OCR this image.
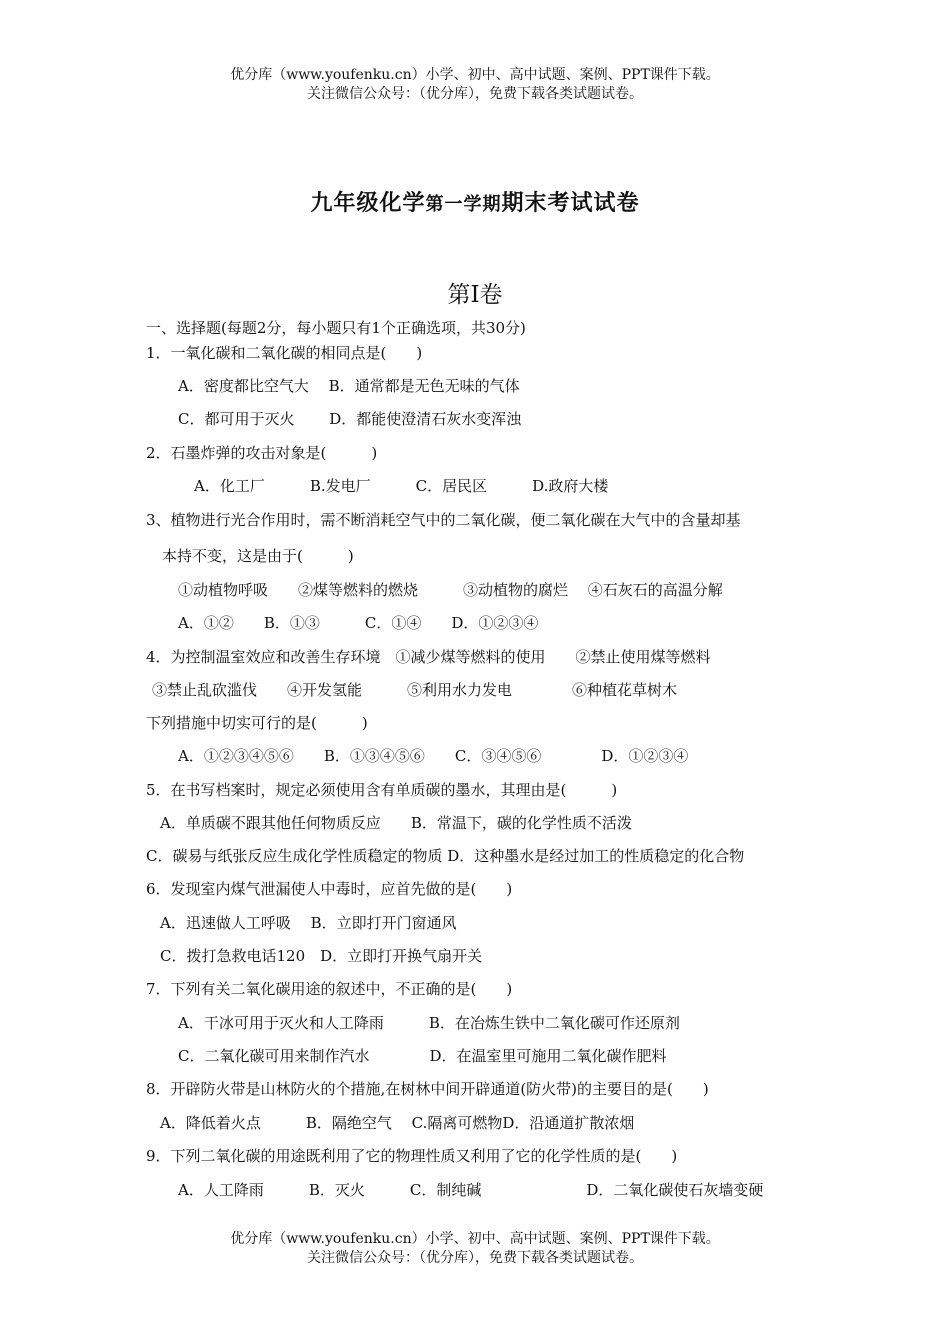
优分库（www.youfenku.cn）小学、初中、高中试题、案例、PPT课件下载。
关注微信公众号：（优分库），免费下载各类试题试卷。
九年级化学第一学期期末考试试卷
第I卷
一、选择题(每题2分，每小题只有1个正确选项，共30分)
1．一氧化碳和二氧化碳的相同点是(　　)
A．密度都比空气大　 B．通常都是无色无味的气体
C．都可用于灭火　　 D．都能使澄清石灰水变浑浊
2．石墨炸弹的攻击对象是(　　　)
A．化工厂　　　B.发电厂　　　C．居民区　　　D.政府大楼
3、植物进行光合作用时，需不断消耗空气中的二氧化碳，便二氧化碳在大气中的含量却基
本持不变，这是由于(　　　)
①动植物呼吸　　②煤等燃料的燃烧　　　③动植物的腐烂　 ④石灰石的高温分解
A．①②　　B．①③　　　C．①④　　D．①②③④
4．为控制温室效应和改善生存环境　①减少煤等燃料的使用　　②禁止使用煤等燃料
③禁止乱砍滥伐　　④开发氢能　　　⑤利用水力发电　　　　⑥种植花草树木
下列措施中切实可行的是(　　　)
A．①②③④⑤⑥　　B．①③④⑤⑥　　C．③④⑤⑥　　　　D．①②③④
5．在书写档案时，规定必须使用含有单质碳的墨水，其理由是(　　　)
A．单质碳不跟其他任何物质反应　　B．常温下，碳的化学性质不活泼
C．碳易与纸张反应生成化学性质稳定的物质 D．这种墨水是经过加工的性质稳定的化合物
6．发现室内煤气泄漏使人中毒时，应首先做的是(　　)
A．迅速做人工呼吸　 B．立即打开门窗通风
C．拨打急救电话120　D．立即打开换气扇开关
7．下列有关二氧化碳用途的叙述中，不正确的是(　　)
A．干冰可用于灭火和人工降雨　　　B．在冶炼生铁中二氧化碳可作还原剂
C．二氧化碳可用来制作汽水　　　　D．在温室里可施用二氧化碳作肥料
8．开辟防火带是山林防火的个措施,在树林中间开辟通道(防火带)的主要目的是(　　)
A．降低着火点　　　B．隔绝空气　 C.隔离可燃物D．沿通道扩散浓烟
9．下列二氧化碳的用途既利用了它的物理性质又利用了它的化学性质的是(　　)
A．人工降雨　　　B．灭火　　　C．制纯碱　　　　　　　D．二氧化碳使石灰墙变硬
优分库（www.youfenku.cn）小学、初中、高中试题、案例、PPT课件下载。
关注微信公众号：（优分库），免费下载各类试题试卷。
